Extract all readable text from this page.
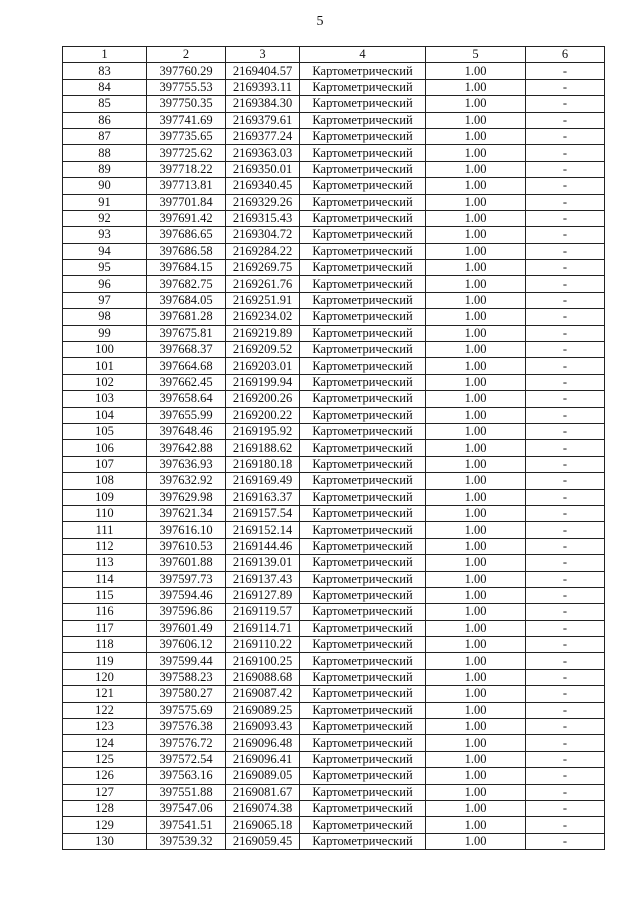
5
1	2	3	4	5	6
83	397760.29	2169404.57	Картометрический	1.00	-
84	397755.53	2169393.11	Картометрический	1.00	-
85	397750.35	2169384.30	Картометрический	1.00	-
86	397741.69	2169379.61	Картометрический	1.00	-
87	397735.65	2169377.24	Картометрический	1.00	-
88	397725.62	2169363.03	Картометрический	1.00	-
89	397718.22	2169350.01	Картометрический	1.00	-
90	397713.81	2169340.45	Картометрический	1.00	-
91	397701.84	2169329.26	Картометрический	1.00	-
92	397691.42	2169315.43	Картометрический	1.00	-
93	397686.65	2169304.72	Картометрический	1.00	-
94	397686.58	2169284.22	Картометрический	1.00	-
95	397684.15	2169269.75	Картометрический	1.00	-
96	397682.75	2169261.76	Картометрический	1.00	-
97	397684.05	2169251.91	Картометрический	1.00	-
98	397681.28	2169234.02	Картометрический	1.00	-
99	397675.81	2169219.89	Картометрический	1.00	-
100	397668.37	2169209.52	Картометрический	1.00	-
101	397664.68	2169203.01	Картометрический	1.00	-
102	397662.45	2169199.94	Картометрический	1.00	-
103	397658.64	2169200.26	Картометрический	1.00	-
104	397655.99	2169200.22	Картометрический	1.00	-
105	397648.46	2169195.92	Картометрический	1.00	-
106	397642.88	2169188.62	Картометрический	1.00	-
107	397636.93	2169180.18	Картометрический	1.00	-
108	397632.92	2169169.49	Картометрический	1.00	-
109	397629.98	2169163.37	Картометрический	1.00	-
110	397621.34	2169157.54	Картометрический	1.00	-
111	397616.10	2169152.14	Картометрический	1.00	-
112	397610.53	2169144.46	Картометрический	1.00	-
113	397601.88	2169139.01	Картометрический	1.00	-
114	397597.73	2169137.43	Картометрический	1.00	-
115	397594.46	2169127.89	Картометрический	1.00	-
116	397596.86	2169119.57	Картометрический	1.00	-
117	397601.49	2169114.71	Картометрический	1.00	-
118	397606.12	2169110.22	Картометрический	1.00	-
119	397599.44	2169100.25	Картометрический	1.00	-
120	397588.23	2169088.68	Картометрический	1.00	-
121	397580.27	2169087.42	Картометрический	1.00	-
122	397575.69	2169089.25	Картометрический	1.00	-
123	397576.38	2169093.43	Картометрический	1.00	-
124	397576.72	2169096.48	Картометрический	1.00	-
125	397572.54	2169096.41	Картометрический	1.00	-
126	397563.16	2169089.05	Картометрический	1.00	-
127	397551.88	2169081.67	Картометрический	1.00	-
128	397547.06	2169074.38	Картометрический	1.00	-
129	397541.51	2169065.18	Картометрический	1.00	-
130	397539.32	2169059.45	Картометрический	1.00	-
